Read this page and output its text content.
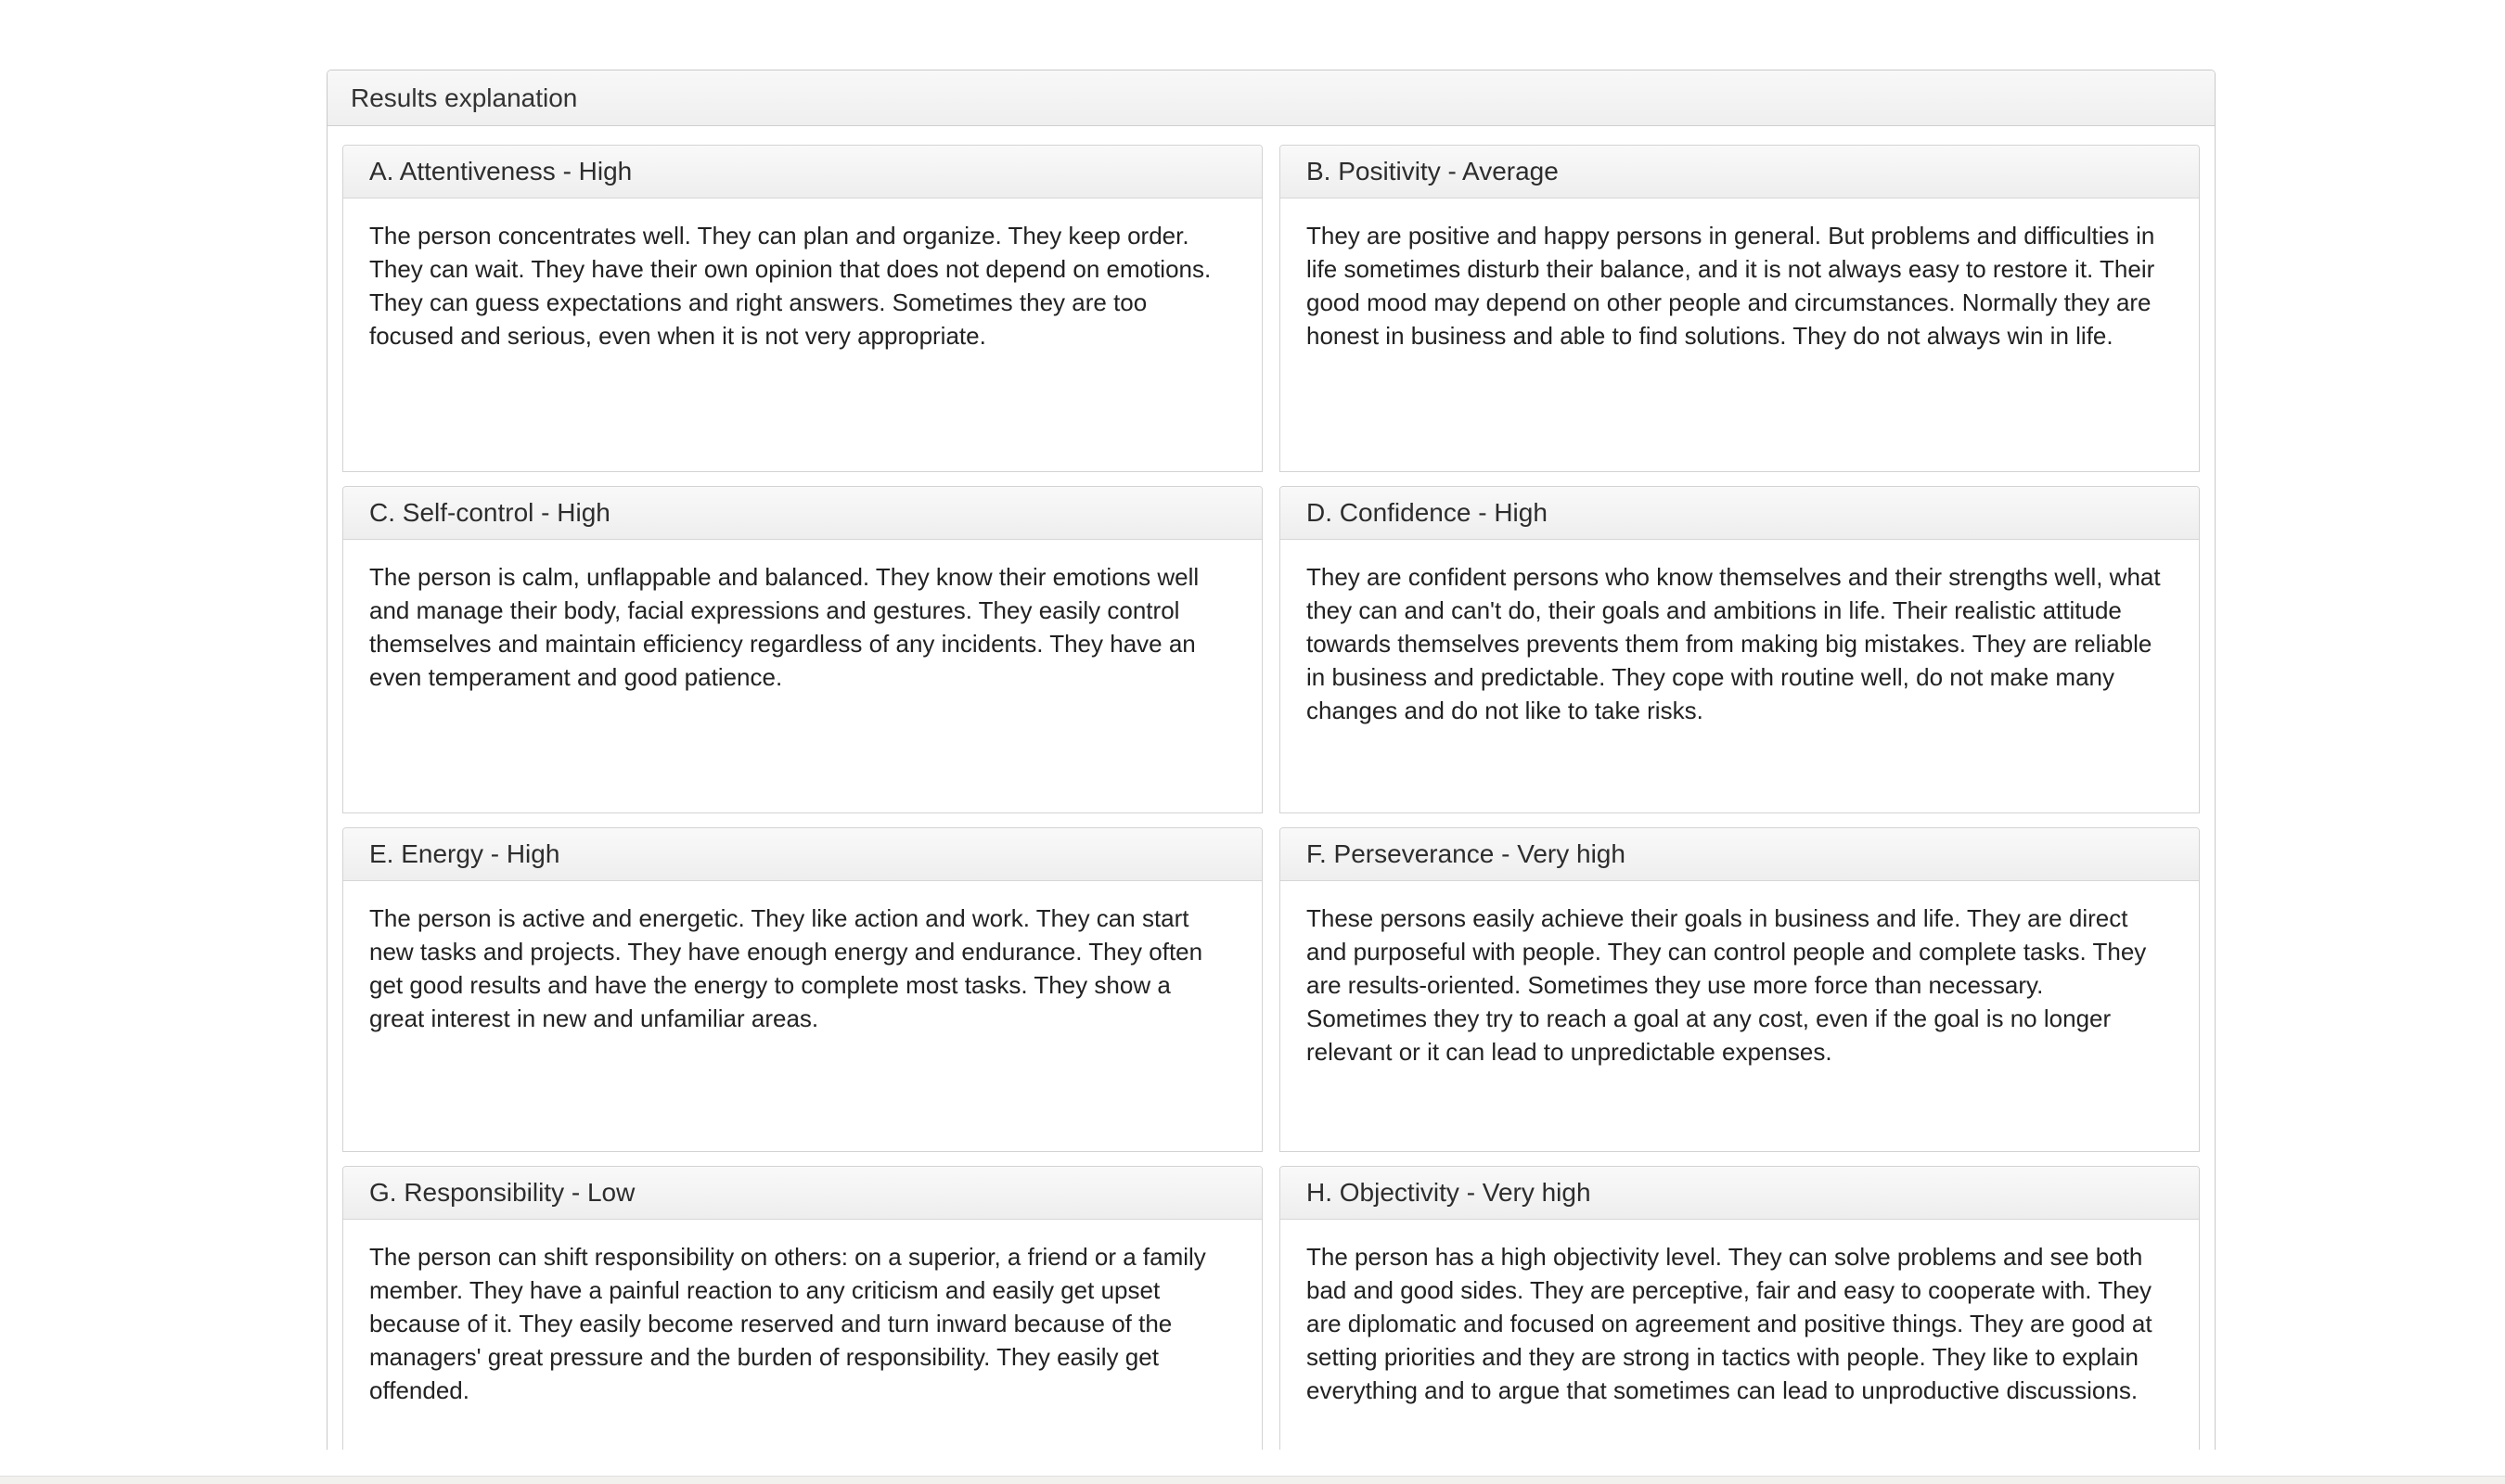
Results explanation
A. Attentiveness - High
The person concentrates well. They can plan and organize. They keep order. They can wait. They have their own opinion that does not depend on emotions. They can guess expectations and right answers. Sometimes they are too focused and serious, even when it is not very appropriate.
B. Positivity - Average
They are positive and happy persons in general. But problems and difficulties in life sometimes disturb their balance, and it is not always easy to restore it. Their good mood may depend on other people and circumstances. Normally they are honest in business and able to find solutions. They do not always win in life.
C. Self-control - High
The person is calm, unflappable and balanced. They know their emotions well and manage their body, facial expressions and gestures. They easily control themselves and maintain efficiency regardless of any incidents. They have an even temperament and good patience.
D. Confidence - High
They are confident persons who know themselves and their strengths well, what they can and can't do, their goals and ambitions in life. Their realistic attitude towards themselves prevents them from making big mistakes. They are reliable in business and predictable. They cope with routine well, do not make many changes and do not like to take risks.
E. Energy - High
The person is active and energetic. They like action and work. They can start new tasks and projects. They have enough energy and endurance. They often get good results and have the energy to complete most tasks. They show a great interest in new and unfamiliar areas.
F. Perseverance - Very high
These persons easily achieve their goals in business and life. They are direct and purposeful with people. They can control people and complete tasks. They are results-oriented. Sometimes they use more force than necessary. Sometimes they try to reach a goal at any cost, even if the goal is no longer relevant or it can lead to unpredictable expenses.
G. Responsibility - Low
The person can shift responsibility on others: on a superior, a friend or a family member. They have a painful reaction to any criticism and easily get upset because of it. They easily become reserved and turn inward because of the managers' great pressure and the burden of responsibility. They easily get offended.
H. Objectivity - Very high
The person has a high objectivity level. They can solve problems and see both bad and good sides. They are perceptive, fair and easy to cooperate with. They are diplomatic and focused on agreement and positive things. They are good at setting priorities and they are strong in tactics with people. They like to explain everything and to argue that sometimes can lead to unproductive discussions.
